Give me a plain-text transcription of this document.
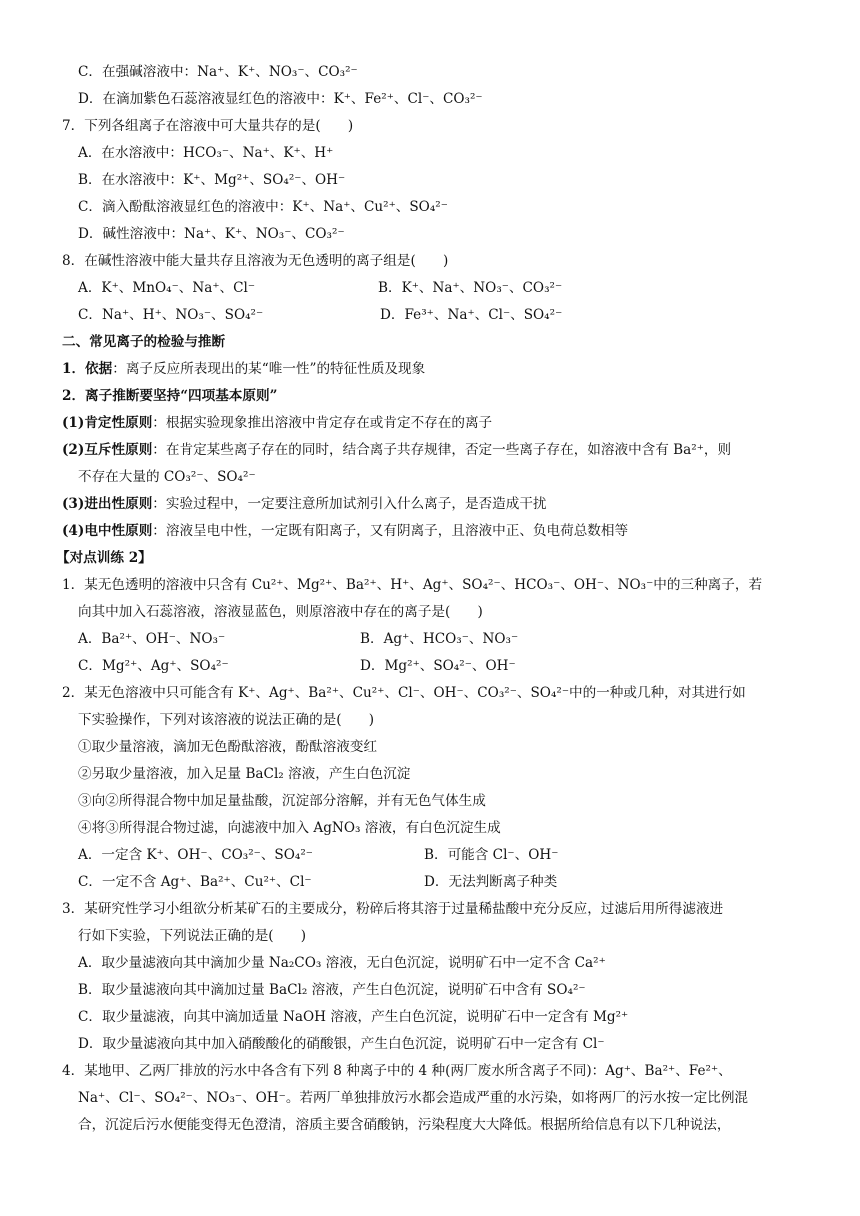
C．在强碱溶液中：Na⁺、K⁺、NO₃⁻、CO₃²⁻
D．在滴加紫色石蕊溶液显红色的溶液中：K⁺、Fe²⁺、Cl⁻、CO₃²⁻
7．下列各组离子在溶液中可大量共存的是(　　)
A．在水溶液中：HCO₃⁻、Na⁺、K⁺、H⁺
B．在水溶液中：K⁺、Mg²⁺、SO₄²⁻、OH⁻
C．滴入酚酞溶液显红色的溶液中：K⁺、Na⁺、Cu²⁺、SO₄²⁻
D．碱性溶液中：Na⁺、K⁺、NO₃⁻、CO₃²⁻
8．在碱性溶液中能大量共存且溶液为无色透明的离子组是(　　)
A．K⁺、MnO₄⁻、Na⁺、Cl⁻	B．K⁺、Na⁺、NO₃⁻、CO₃²⁻
C．Na⁺、H⁺、NO₃⁻、SO₄²⁻	D．Fe³⁺、Na⁺、Cl⁻、SO₄²⁻
二、常见离子的检验与推断
1．依据：离子反应所表现出的某“唯一性”的特征性质及现象
2．离子推断要坚持“四项基本原则”
(1)肯定性原则：根据实验现象推出溶液中肯定存在或肯定不存在的离子
(2)互斥性原则：在肯定某些离子存在的同时，结合离子共存规律，否定一些离子存在，如溶液中含有 Ba²⁺，则
不存在大量的 CO₃²⁻、SO₄²⁻
(3)进出性原则：实验过程中，一定要注意所加试剂引入什么离子，是否造成干扰
(4)电中性原则：溶液呈电中性，一定既有阳离子，又有阴离子，且溶液中正、负电荷总数相等
【对点训练 2】
1．某无色透明的溶液中只含有 Cu²⁺、Mg²⁺、Ba²⁺、H⁺、Ag⁺、SO₄²⁻、HCO₃⁻、OH⁻、NO₃⁻中的三种离子，若
向其中加入石蕊溶液，溶液显蓝色，则原溶液中存在的离子是(　　)
A．Ba²⁺、OH⁻、NO₃⁻	B．Ag⁺、HCO₃⁻、NO₃⁻
C．Mg²⁺、Ag⁺、SO₄²⁻	D．Mg²⁺、SO₄²⁻、OH⁻
2．某无色溶液中只可能含有 K⁺、Ag⁺、Ba²⁺、Cu²⁺、Cl⁻、OH⁻、CO₃²⁻、SO₄²⁻中的一种或几种，对其进行如
下实验操作，下列对该溶液的说法正确的是(　　)
①取少量溶液，滴加无色酚酞溶液，酚酞溶液变红
②另取少量溶液，加入足量 BaCl₂ 溶液，产生白色沉淀
③向②所得混合物中加足量盐酸，沉淀部分溶解，并有无色气体生成
④将③所得混合物过滤，向滤液中加入 AgNO₃ 溶液，有白色沉淀生成
A．一定含 K⁺、OH⁻、CO₃²⁻、SO₄²⁻	B．可能含 Cl⁻、OH⁻
C．一定不含 Ag⁺、Ba²⁺、Cu²⁺、Cl⁻	D．无法判断离子种类
3．某研究性学习小组欲分析某矿石的主要成分，粉碎后将其溶于过量稀盐酸中充分反应，过滤后用所得滤液进
行如下实验，下列说法正确的是(　　)
A．取少量滤液向其中滴加少量 Na₂CO₃ 溶液，无白色沉淀，说明矿石中一定不含 Ca²⁺
B．取少量滤液向其中滴加过量 BaCl₂ 溶液，产生白色沉淀，说明矿石中含有 SO₄²⁻
C．取少量滤液，向其中滴加适量 NaOH 溶液，产生白色沉淀，说明矿石中一定含有 Mg²⁺
D．取少量滤液向其中加入硝酸酸化的硝酸银，产生白色沉淀，说明矿石中一定含有 Cl⁻
4．某地甲、乙两厂排放的污水中各含有下列 8 种离子中的 4 种(两厂废水所含离子不同)：Ag⁺、Ba²⁺、Fe²⁺、
Na⁺、Cl⁻、SO₄²⁻、NO₃⁻、OH⁻。若两厂单独排放污水都会造成严重的水污染，如将两厂的污水按一定比例混
合，沉淀后污水便能变得无色澄清，溶质主要含硝酸钠，污染程度大大降低。根据所给信息有以下几种说法，
